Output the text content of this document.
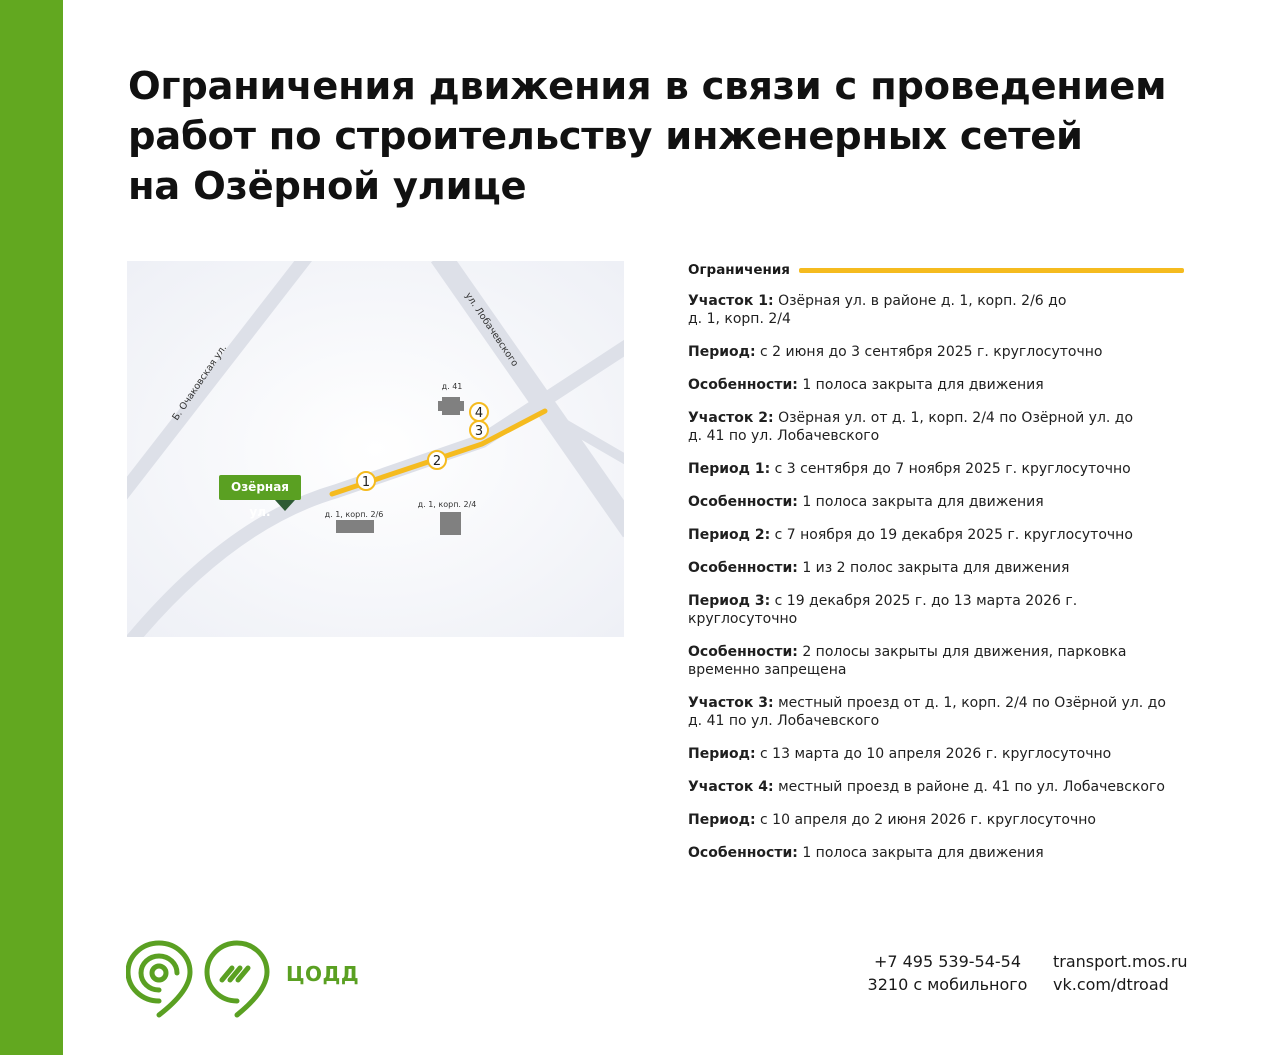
Ограничения движения в связи с проведением
работ по строительству инженерных сетей
на Озёрной улице
д. 41
д. 1, корп. 2/6
д. 1, корп. 2/4
Б. Очаковская ул.
ул. Лобачевского
1
2
3
4
Озёрная ул.
Ограничения
Участок 1: Озёрная ул. в районе д. 1, корп. 2/6 до
д. 1, корп. 2/4
Период: с 2 июня до 3 сентября 2025 г. круглосуточно
Особенности: 1 полоса закрыта для движения
Участок 2: Озёрная ул. от д. 1, корп. 2/4 по Озёрной ул. до
д. 41 по ул. Лобачевского
Период 1: с 3 сентября до 7 ноября 2025 г. круглосуточно
Особенности: 1 полоса закрыта для движения
Период 2: с 7 ноября до 19 декабря 2025 г. круглосуточно
Особенности: 1 из 2 полос закрыта для движения
Период 3: с 19 декабря 2025 г. до 13 марта 2026 г.
круглосуточно
Особенности: 2 полосы закрыты для движения, парковка
временно запрещена
Участок 3: местный проезд от д. 1, корп. 2/4 по Озёрной ул. до
д. 41 по ул. Лобачевского
Период: с 13 марта до 10 апреля 2026 г. круглосуточно
Участок 4: местный проезд в районе д. 41 по ул. Лобачевского
Период: с 10 апреля до 2 июня 2026 г. круглосуточно
Особенности: 1 полоса закрыта для движения
ЦОДД
+7 495 539-54-54
3210 с мобильного
transport.mos.ru
vk.com/dtroad
